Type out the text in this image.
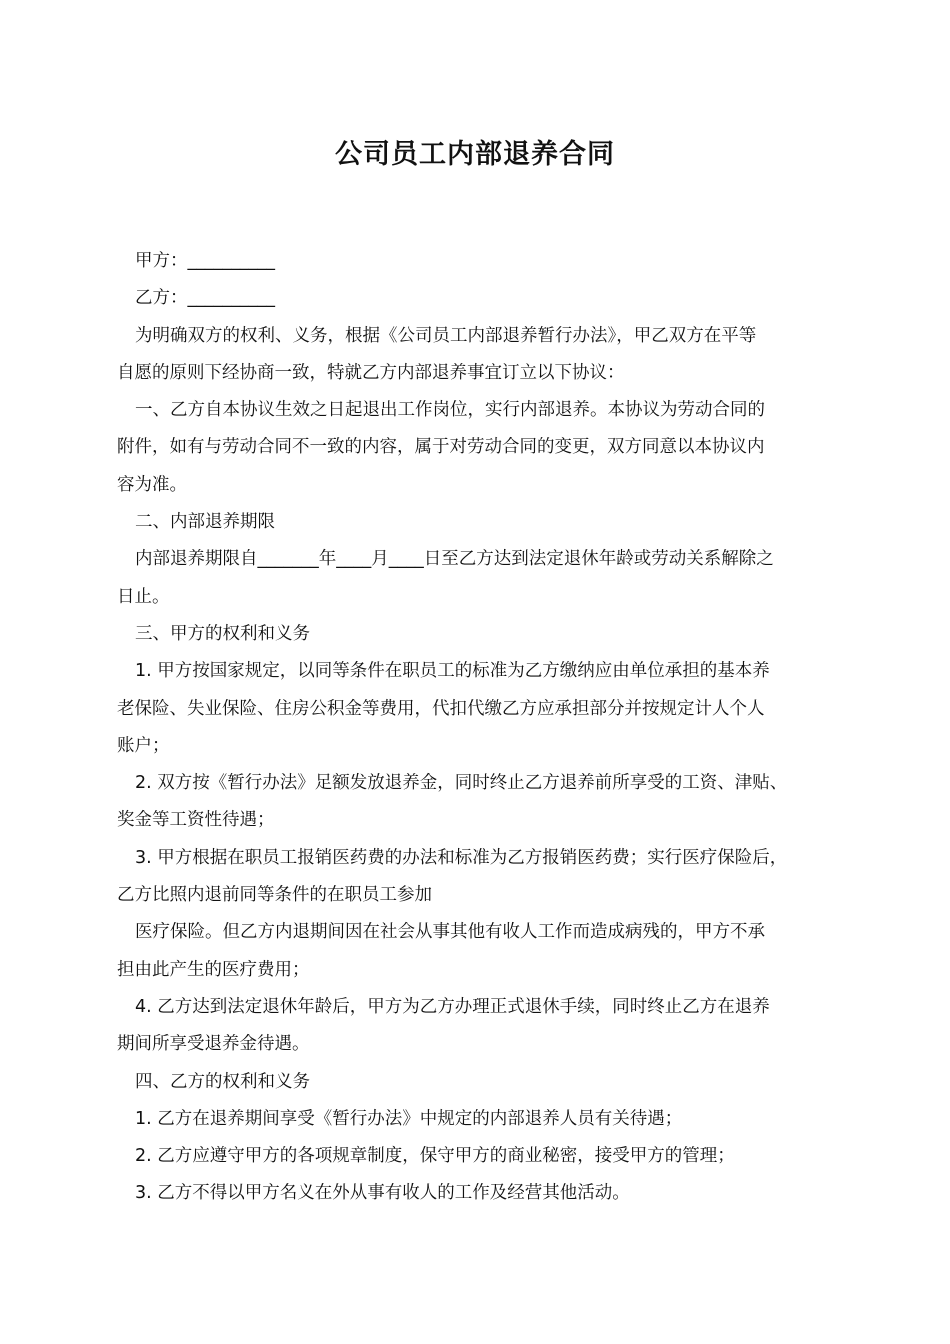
公司员工内部退养合同
甲方：__________
乙方：__________
为明确双方的权利、义务，根据《公司员工内部退养暂行办法》，甲乙双方在平等
自愿的原则下经协商一致，特就乙方内部退养事宜订立以下协议：
一、乙方自本协议生效之日起退出工作岗位，实行内部退养。本协议为劳动合同的
附件，如有与劳动合同不一致的内容，属于对劳动合同的变更，双方同意以本协议内
容为准。
二、内部退养期限
内部退养期限自_______年____月____日至乙方达到法定退休年龄或劳动关系解除之
日止。
三、甲方的权利和义务
1. 甲方按国家规定，以同等条件在职员工的标准为乙方缴纳应由单位承担的基本养
老保险、失业保险、住房公积金等费用，代扣代缴乙方应承担部分并按规定计人个人
账户；
2. 双方按《暂行办法》足额发放退养金，同时终止乙方退养前所享受的工资、津贴、
奖金等工资性待遇；
3. 甲方根据在职员工报销医药费的办法和标准为乙方报销医药费；实行医疗保险后，
乙方比照内退前同等条件的在职员工参加
医疗保险。但乙方内退期间因在社会从事其他有收人工作而造成病残的，甲方不承
担由此产生的医疗费用；
4. 乙方达到法定退休年龄后，甲方为乙方办理正式退休手续，同时终止乙方在退养
期间所享受退养金待遇。
四、乙方的权利和义务
1. 乙方在退养期间享受《暂行办法》中规定的内部退养人员有关待遇；
2. 乙方应遵守甲方的各项规章制度，保守甲方的商业秘密，接受甲方的管理；
3. 乙方不得以甲方名义在外从事有收人的工作及经营其他活动。
